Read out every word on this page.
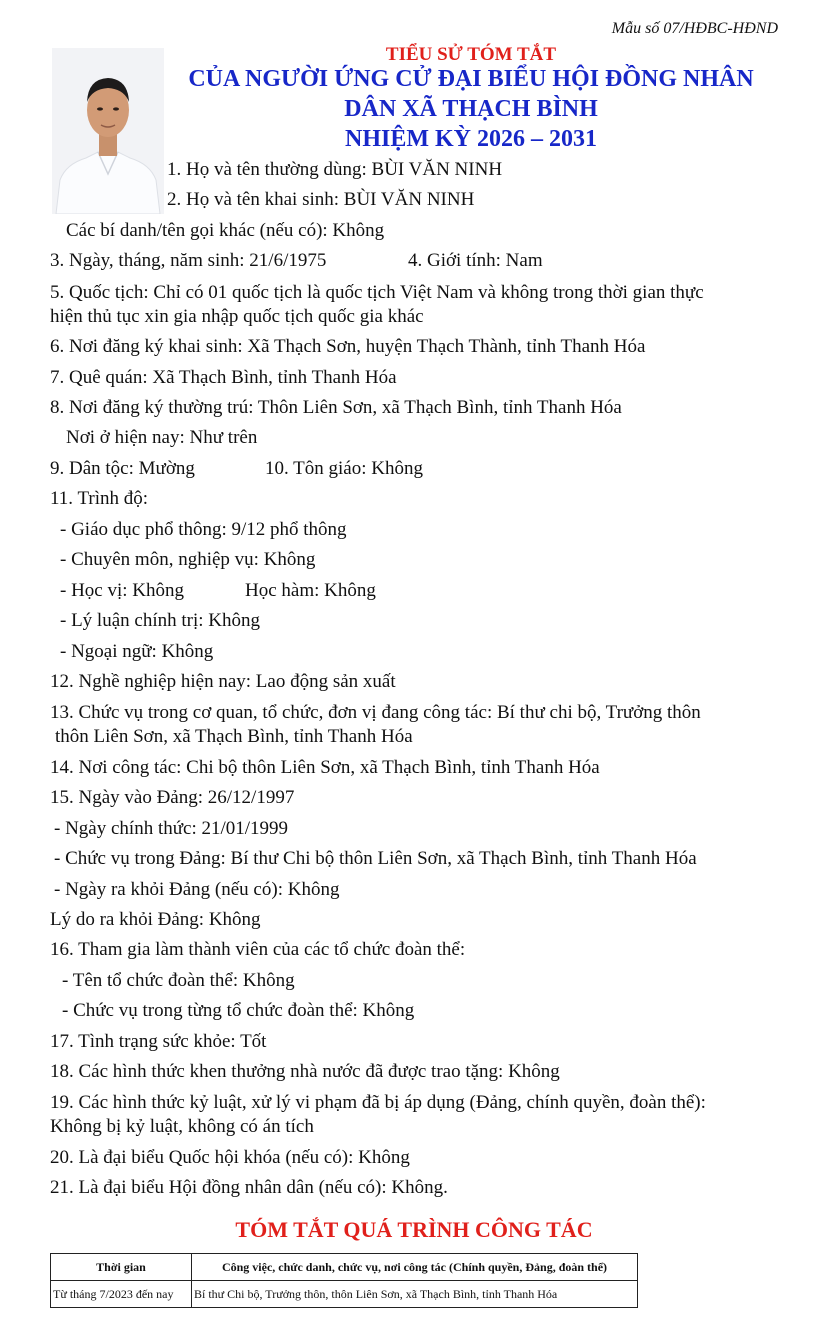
Mẫu số 07/HĐBC-HĐND
TIỂU SỬ TÓM TẮT
CỦA NGƯỜI ỨNG CỬ ĐẠI BIỂU HỘI ĐỒNG NHÂN
DÂN XÃ THẠCH BÌNH
NHIỆM KỲ 2026 – 2031
1. Họ và tên thường dùng: BÙI VĂN NINH
2. Họ và tên khai sinh: BÙI VĂN NINH
Các bí danh/tên gọi khác (nếu có): Không
3. Ngày, tháng, năm sinh: 21/6/1975	4. Giới tính: Nam
5. Quốc tịch: Chỉ có 01 quốc tịch là quốc tịch Việt Nam và không trong thời gian thực
hiện thủ tục xin gia nhập quốc tịch quốc gia khác
6. Nơi đăng ký khai sinh: Xã Thạch Sơn, huyện Thạch Thành, tỉnh Thanh Hóa
7. Quê quán: Xã Thạch Bình, tỉnh Thanh Hóa
8. Nơi đăng ký thường trú: Thôn Liên Sơn, xã Thạch Bình, tỉnh Thanh Hóa
Nơi ở hiện nay: Như trên
9. Dân tộc: Mường	10. Tôn giáo: Không
11. Trình độ:
- Giáo dục phổ thông: 9/12 phổ thông
- Chuyên môn, nghiệp vụ: Không
- Học vị: Không	Học hàm: Không
- Lý luận chính trị: Không
- Ngoại ngữ: Không
12. Nghề nghiệp hiện nay: Lao động sản xuất
13. Chức vụ trong cơ quan, tổ chức, đơn vị đang công tác: Bí thư chi bộ, Trưởng thôn
thôn Liên Sơn, xã Thạch Bình, tỉnh Thanh Hóa
14. Nơi công tác: Chi bộ thôn Liên Sơn, xã Thạch Bình, tỉnh Thanh Hóa
15. Ngày vào Đảng: 26/12/1997
- Ngày chính thức: 21/01/1999
- Chức vụ trong Đảng: Bí thư Chi bộ thôn Liên Sơn, xã Thạch Bình, tỉnh Thanh Hóa
- Ngày ra khỏi Đảng (nếu có): Không
Lý do ra khỏi Đảng: Không
16. Tham gia làm thành viên của các tổ chức đoàn thể:
- Tên tổ chức đoàn thể: Không
- Chức vụ trong từng tổ chức đoàn thể: Không
17. Tình trạng sức khỏe: Tốt
18. Các hình thức khen thưởng nhà nước đã được trao tặng: Không
19. Các hình thức kỷ luật, xử lý vi phạm đã bị áp dụng (Đảng, chính quyền, đoàn thể):
Không bị kỷ luật, không có án tích
20. Là đại biểu Quốc hội khóa (nếu có): Không
21. Là đại biểu Hội đồng nhân dân (nếu có): Không.
TÓM TẮT QUÁ TRÌNH CÔNG TÁC
Thời gian	Công việc, chức danh, chức vụ, nơi công tác (Chính quyền, Đảng, đoàn thể)
Từ tháng 7/2023 đến nay	Bí thư Chi bộ, Trưởng thôn, thôn Liên Sơn, xã Thạch Bình, tỉnh Thanh Hóa
